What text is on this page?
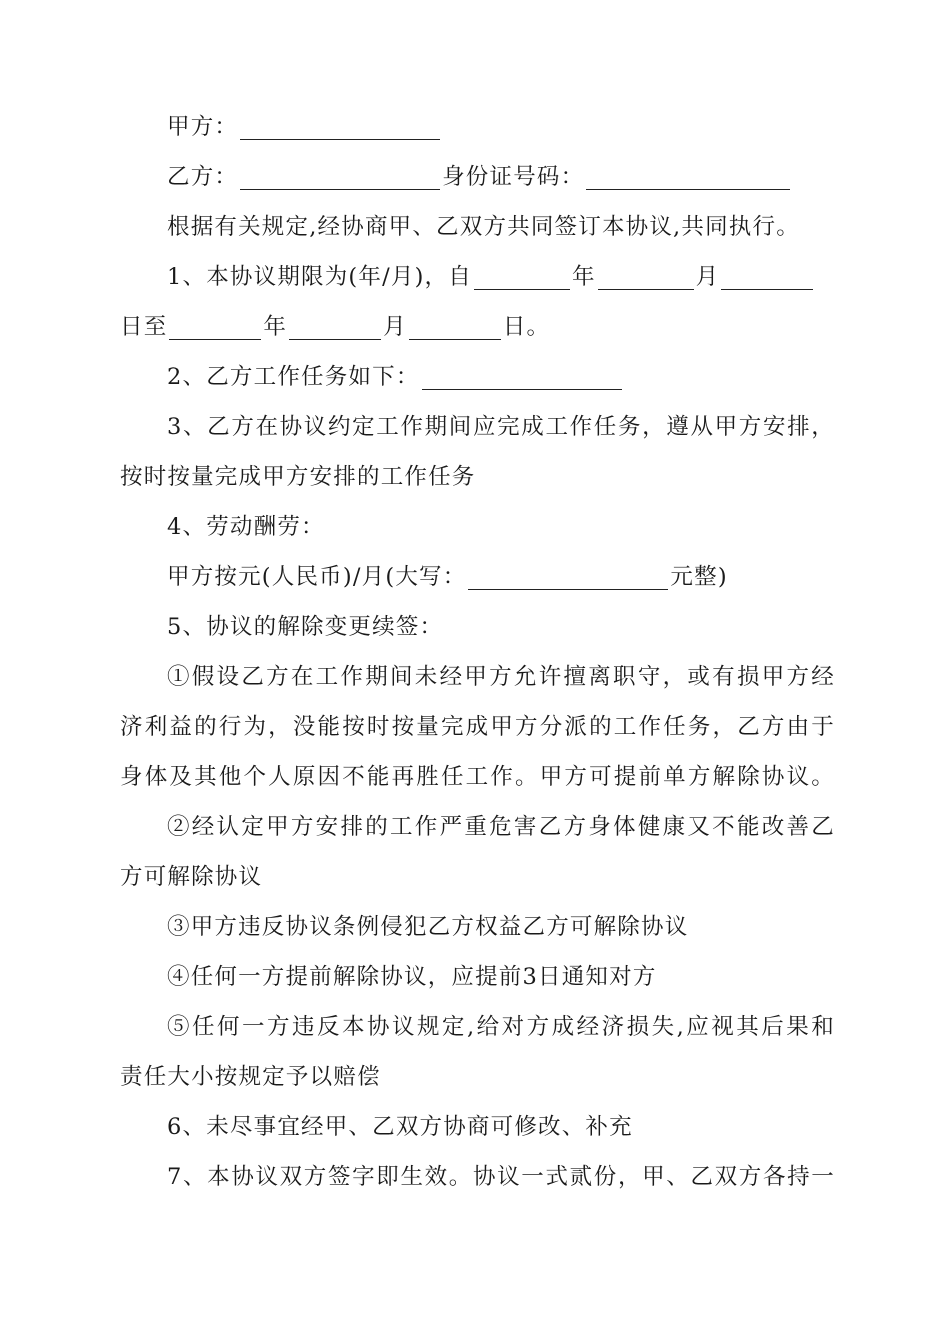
甲方：
乙方：	身份证号码：
根据有关规定,经协商甲、乙双方共同签订本协议,共同执行。
1、本协议期限为(年/月)，自	年	月
日至	年	月	日。
2、乙方工作任务如下：
3、乙方在协议约定工作期间应完成工作任务，遵从甲方安排，
按时按量完成甲方安排的工作任务
4、劳动酬劳：
甲方按元(人民币)/月(大写：	元整)
5、协议的解除变更续签：
①假设乙方在工作期间未经甲方允许擅离职守，或有损甲方经
济利益的行为，没能按时按量完成甲方分派的工作任务，乙方由于
身体及其他个人原因不能再胜任工作。甲方可提前单方解除协议。
②经认定甲方安排的工作严重危害乙方身体健康又不能改善乙
方可解除协议
③甲方违反协议条例侵犯乙方权益乙方可解除协议
④任何一方提前解除协议，应提前3日通知对方
⑤任何一方违反本协议规定,给对方成经济损失,应视其后果和
责任大小按规定予以赔偿
6、未尽事宜经甲、乙双方协商可修改、补充
7、本协议双方签字即生效。协议一式贰份，甲、乙双方各持一
